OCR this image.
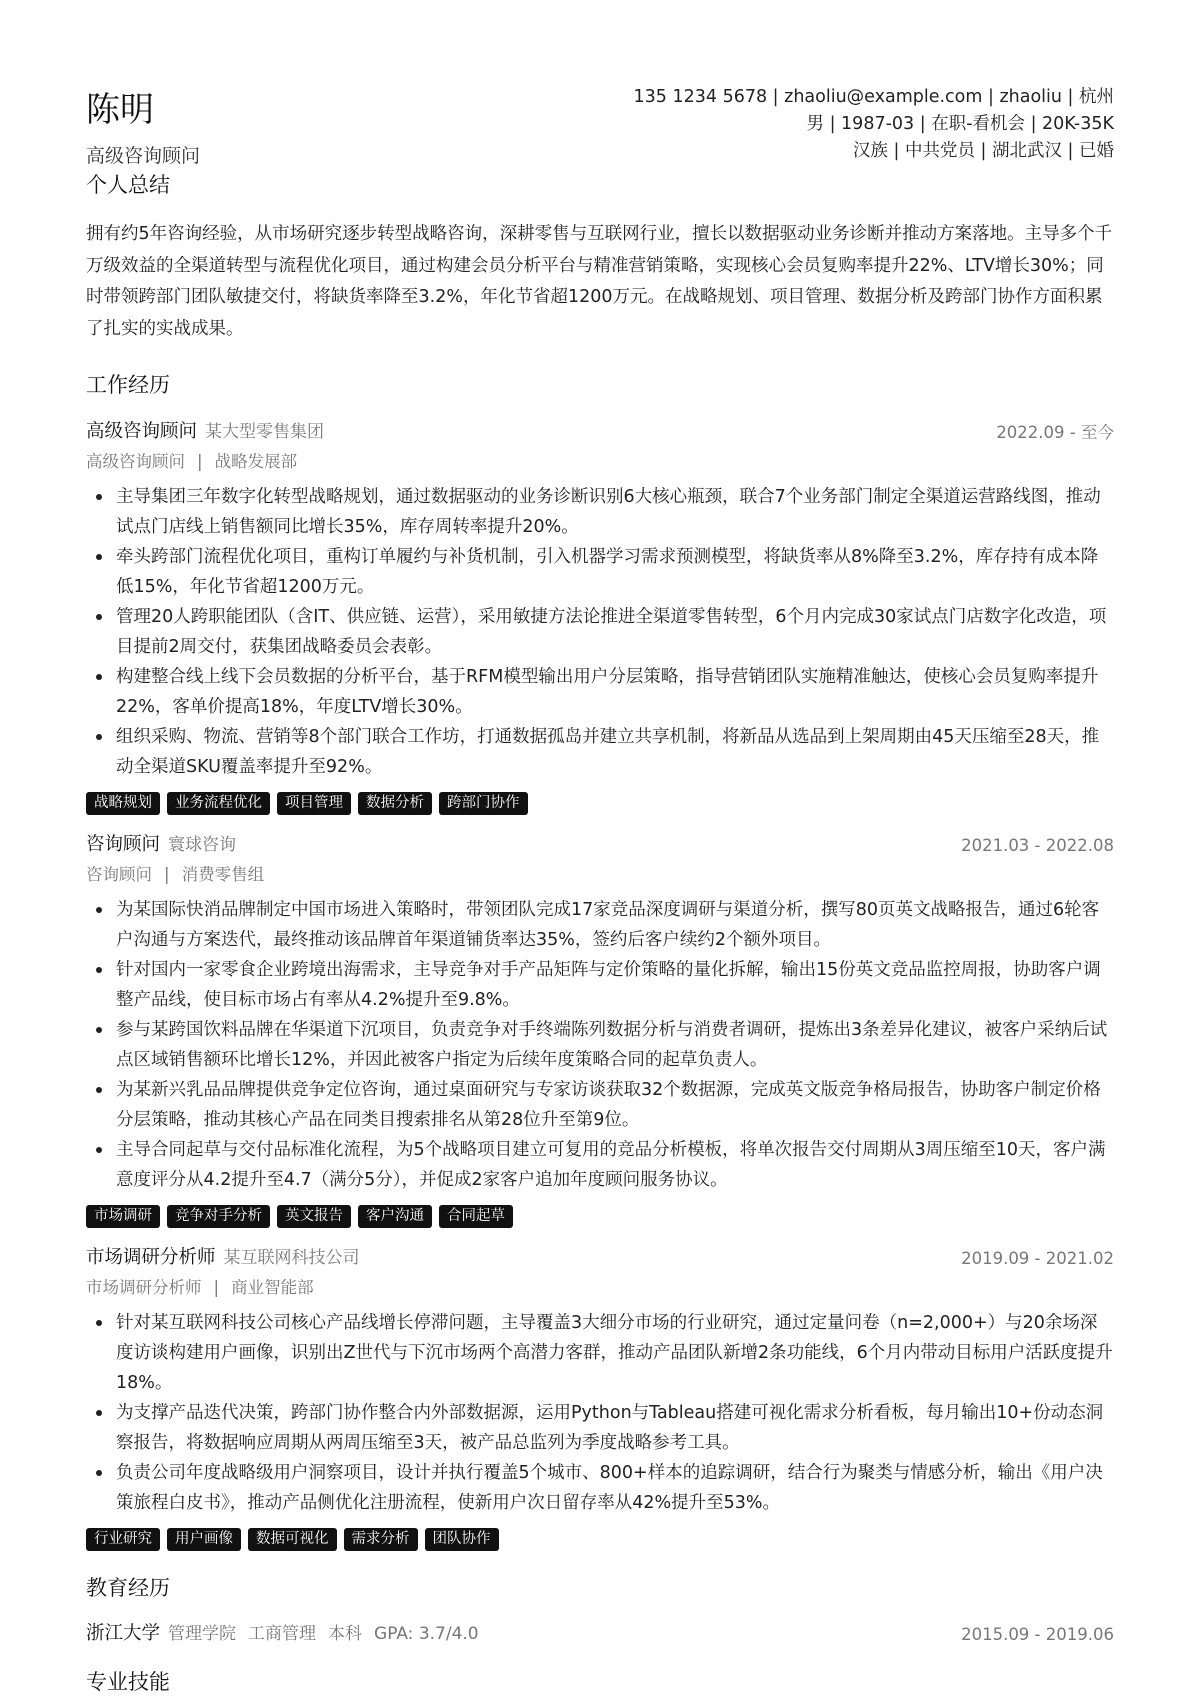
陈明
高级咨询顾问
135 1234 5678 | zhaoliu@example.com | zhaoliu | 杭州
男 | 1987-03 | 在职-看机会 | 20K-35K
汉族 | 中共党员 | 湖北武汉 | 已婚
个人总结
拥有约5年咨询经验，从市场研究逐步转型战略咨询，深耕零售与互联网行业，擅长以数据驱动业务诊断并推动方案落地。主导多个千万级效益的全渠道转型与流程优化项目，通过构建会员分析平台与精准营销策略，实现核心会员复购率提升22%、LTV增长30%；同时带领跨部门团队敏捷交付，将缺货率降至3.2%，年化节省超1200万元。在战略规划、项目管理、数据分析及跨部门协作方面积累了扎实的实战成果。
工作经历
高级咨询顾问 某大型零售集团	2022.09 - 至今
高级咨询顾问 | 战略发展部
主导集团三年数字化转型战略规划，通过数据驱动的业务诊断识别6大核心瓶颈，联合7个业务部门制定全渠道运营路线图，推动试点门店线上销售额同比增长35%，库存周转率提升20%。
牵头跨部门流程优化项目，重构订单履约与补货机制，引入机器学习需求预测模型，将缺货率从8%降至3.2%，库存持有成本降低15%，年化节省超1200万元。
管理20人跨职能团队（含IT、供应链、运营），采用敏捷方法论推进全渠道零售转型，6个月内完成30家试点门店数字化改造，项目提前2周交付，获集团战略委员会表彰。
构建整合线上线下会员数据的分析平台，基于RFM模型输出用户分层策略，指导营销团队实施精准触达，使核心会员复购率提升22%，客单价提高18%，年度LTV增长30%。
组织采购、物流、营销等8个部门联合工作坊，打通数据孤岛并建立共享机制，将新品从选品到上架周期由45天压缩至28天，推动全渠道SKU覆盖率提升至92%。
战略规划	业务流程优化	项目管理	数据分析	跨部门协作
咨询顾问 寰球咨询	2021.03 - 2022.08
咨询顾问 | 消费零售组
为某国际快消品牌制定中国市场进入策略时，带领团队完成17家竞品深度调研与渠道分析，撰写80页英文战略报告，通过6轮客户沟通与方案迭代，最终推动该品牌首年渠道铺货率达35%，签约后客户续约2个额外项目。
针对国内一家零食企业跨境出海需求，主导竞争对手产品矩阵与定价策略的量化拆解，输出15份英文竞品监控周报，协助客户调整产品线，使目标市场占有率从4.2%提升至9.8%。
参与某跨国饮料品牌在华渠道下沉项目，负责竞争对手终端陈列数据分析与消费者调研，提炼出3条差异化建议，被客户采纳后试点区域销售额环比增长12%，并因此被客户指定为后续年度策略合同的起草负责人。
为某新兴乳品品牌提供竞争定位咨询，通过桌面研究与专家访谈获取32个数据源，完成英文版竞争格局报告，协助客户制定价格分层策略，推动其核心产品在同类目搜索排名从第28位升至第9位。
主导合同起草与交付品标准化流程，为5个战略项目建立可复用的竞品分析模板，将单次报告交付周期从3周压缩至10天，客户满意度评分从4.2提升至4.7（满分5分），并促成2家客户追加年度顾问服务协议。
市场调研	竞争对手分析	英文报告	客户沟通	合同起草
市场调研分析师 某互联网科技公司	2019.09 - 2021.02
市场调研分析师 | 商业智能部
针对某互联网科技公司核心产品线增长停滞问题，主导覆盖3大细分市场的行业研究，通过定量问卷（n=2,000+）与20余场深度访谈构建用户画像，识别出Z世代与下沉市场两个高潜力客群，推动产品团队新增2条功能线，6个月内带动目标用户活跃度提升18%。
为支撑产品迭代决策，跨部门协作整合内外部数据源，运用Python与Tableau搭建可视化需求分析看板，每月输出10+份动态洞察报告，将数据响应周期从两周压缩至3天，被产品总监列为季度战略参考工具。
负责公司年度战略级用户洞察项目，设计并执行覆盖5个城市、800+样本的追踪调研，结合行为聚类与情感分析，输出《用户决策旅程白皮书》，推动产品侧优化注册流程，使新用户次日留存率从42%提升至53%。
行业研究	用户画像	数据可视化	需求分析	团队协作
教育经历
浙江大学 管理学院 工商管理 本科 GPA: 3.7/4.0	2015.09 - 2019.06
专业技能
